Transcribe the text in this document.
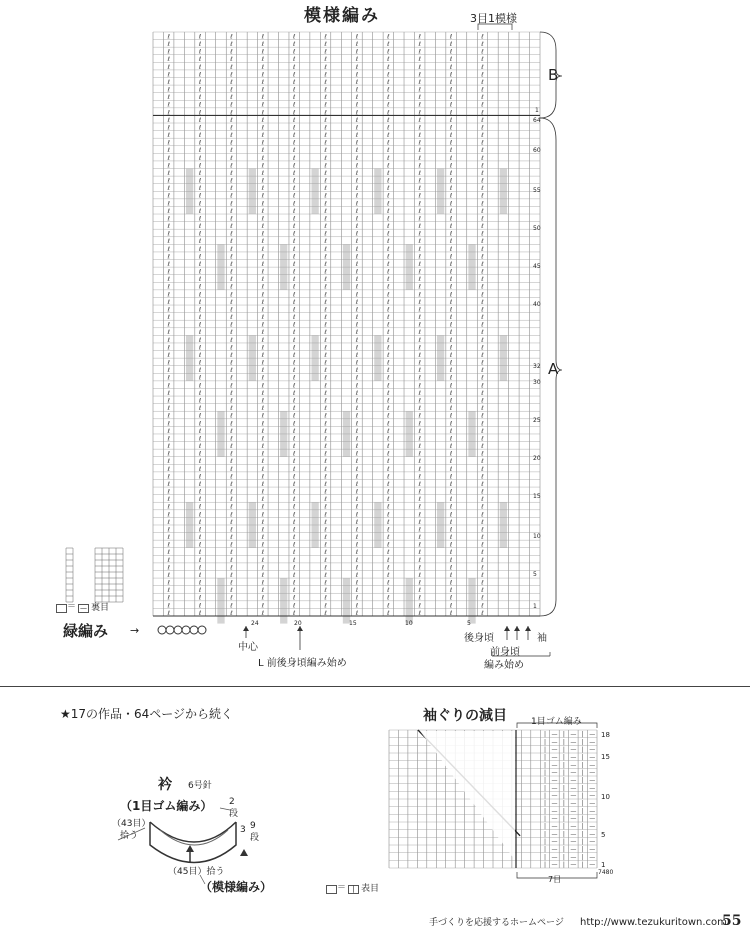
模様編み	3目1模様
ℓ
ℓ
ℓ
ℓ
ℓ
ℓ
ℓ
ℓ
ℓ
ℓ
ℓ
ℓ
ℓ
ℓ
ℓ
ℓ
ℓ
ℓ
ℓ
ℓ
ℓ
ℓ
ℓ
ℓ
ℓ
ℓ
ℓ
ℓ
ℓ
ℓ
ℓ
ℓ
ℓ
ℓ
ℓ
ℓ
ℓ
ℓ
ℓ
ℓ
ℓ
ℓ
ℓ
ℓ
ℓ
ℓ
ℓ
ℓ
ℓ
ℓ
ℓ
ℓ
ℓ
ℓ
ℓ
ℓ
ℓ
ℓ
ℓ
ℓ
ℓ
ℓ
ℓ
ℓ
ℓ
ℓ
ℓ
ℓ
ℓ
ℓ
ℓ
ℓ
ℓ
ℓ
ℓ
ℓ
ℓ
ℓ
ℓ
ℓ
ℓ
ℓ
ℓ
ℓ
ℓ
ℓ
ℓ
ℓ
ℓ
ℓ
ℓ
ℓ
ℓ
ℓ
ℓ
ℓ
ℓ
ℓ
ℓ
ℓ
ℓ
ℓ
ℓ
ℓ
ℓ
ℓ
ℓ
ℓ
ℓ
ℓ
ℓ
ℓ
ℓ
ℓ
ℓ
ℓ
ℓ
ℓ
ℓ
ℓ
ℓ
ℓ
ℓ
ℓ
ℓ
ℓ
ℓ
ℓ
ℓ
ℓ
ℓ
ℓ
ℓ
ℓ
ℓ
ℓ
ℓ
ℓ
ℓ
ℓ
ℓ
ℓ
ℓ
ℓ
ℓ
ℓ
ℓ
ℓ
ℓ
ℓ
ℓ
ℓ
ℓ
ℓ
ℓ
ℓ
ℓ
ℓ
ℓ
ℓ
ℓ
ℓ
ℓ
ℓ
ℓ
ℓ
ℓ
ℓ
ℓ
ℓ
ℓ
ℓ
ℓ
ℓ
ℓ
ℓ
ℓ
ℓ
ℓ
ℓ
ℓ
ℓ
ℓ
ℓ
ℓ
ℓ
ℓ
ℓ
ℓ
ℓ
ℓ
ℓ
ℓ
ℓ
ℓ
ℓ
ℓ
ℓ
ℓ
ℓ
ℓ
ℓ
ℓ
ℓ
ℓ
ℓ
ℓ
ℓ
ℓ
ℓ
ℓ
ℓ
ℓ
ℓ
ℓ
ℓ
ℓ
ℓ
ℓ
ℓ
ℓ
ℓ
ℓ
ℓ
ℓ
ℓ
ℓ
ℓ
ℓ
ℓ
ℓ
ℓ
ℓ
ℓ
ℓ
ℓ
ℓ
ℓ
ℓ
ℓ
ℓ
ℓ
ℓ
ℓ
ℓ
ℓ
ℓ
ℓ
ℓ
ℓ
ℓ
ℓ
ℓ
ℓ
ℓ
ℓ
ℓ
ℓ
ℓ
ℓ
ℓ
ℓ
ℓ
ℓ
ℓ
ℓ
ℓ
ℓ
ℓ
ℓ
ℓ
ℓ
ℓ
ℓ
ℓ
ℓ
ℓ
ℓ
ℓ
ℓ
ℓ
ℓ
ℓ
ℓ
ℓ
ℓ
ℓ
ℓ
ℓ
ℓ
ℓ
ℓ
ℓ
ℓ
ℓ
ℓ
ℓ
ℓ
ℓ
ℓ
ℓ
ℓ
ℓ
ℓ
ℓ
ℓ
ℓ
ℓ
ℓ
ℓ
ℓ
ℓ
ℓ
ℓ
ℓ
ℓ
ℓ
ℓ
ℓ
ℓ
ℓ
ℓ
ℓ
ℓ
ℓ
ℓ
ℓ
ℓ
ℓ
ℓ
ℓ
ℓ
ℓ
ℓ
ℓ
ℓ
ℓ
ℓ
ℓ
ℓ
ℓ
ℓ
ℓ
ℓ
ℓ
ℓ
ℓ
ℓ
ℓ
ℓ
ℓ
ℓ
ℓ
ℓ
ℓ
ℓ
ℓ
ℓ
ℓ
ℓ
ℓ
ℓ
ℓ
ℓ
ℓ
ℓ
ℓ
ℓ
ℓ
ℓ
ℓ
ℓ
ℓ
ℓ
ℓ
ℓ
ℓ
ℓ
ℓ
ℓ
ℓ
ℓ
ℓ
ℓ
ℓ
ℓ
ℓ
ℓ
ℓ
ℓ
ℓ
ℓ
ℓ
ℓ
ℓ
ℓ
ℓ
ℓ
ℓ
ℓ
ℓ
ℓ
ℓ
ℓ
ℓ
ℓ
ℓ
ℓ
ℓ
ℓ
ℓ
ℓ
ℓ
ℓ
ℓ
ℓ
ℓ
ℓ
ℓ
ℓ
ℓ
ℓ
ℓ
ℓ
ℓ
ℓ
ℓ
ℓ
ℓ
ℓ
ℓ
ℓ
ℓ
ℓ
ℓ
ℓ
ℓ
ℓ
ℓ
ℓ
ℓ
ℓ
ℓ
ℓ
ℓ
ℓ
ℓ
ℓ
ℓ
ℓ
ℓ
ℓ
ℓ
ℓ
ℓ
ℓ
ℓ
ℓ
ℓ
ℓ
ℓ
ℓ
ℓ
ℓ
ℓ
ℓ
ℓ
ℓ
ℓ
ℓ
ℓ
ℓ
ℓ
ℓ
ℓ
ℓ
ℓ
ℓ
ℓ
ℓ
ℓ
ℓ
ℓ
ℓ
ℓ
ℓ
ℓ
ℓ
ℓ
ℓ
ℓ
ℓ
ℓ
ℓ
ℓ
ℓ
ℓ
ℓ
ℓ
ℓ
ℓ
ℓ
ℓ
ℓ
ℓ
ℓ
ℓ
ℓ
ℓ
ℓ
ℓ
ℓ
ℓ
ℓ
ℓ
ℓ
ℓ
ℓ
ℓ
ℓ
ℓ
ℓ
ℓ
ℓ
ℓ
ℓ
ℓ
ℓ
ℓ
ℓ
ℓ
ℓ
ℓ
ℓ
ℓ
ℓ
ℓ
ℓ
ℓ
ℓ
ℓ
ℓ
ℓ
ℓ
ℓ
ℓ
ℓ
ℓ
ℓ
ℓ
ℓ
ℓ
ℓ
ℓ
ℓ
ℓ
ℓ
ℓ
ℓ
ℓ
ℓ
ℓ
ℓ
ℓ
ℓ
ℓ
ℓ
ℓ
ℓ
ℓ
ℓ
ℓ
ℓ
ℓ
ℓ
ℓ
ℓ
ℓ
ℓ
ℓ
ℓ
ℓ
ℓ
ℓ
ℓ
ℓ
ℓ
ℓ
ℓ
ℓ
ℓ
ℓ
ℓ
ℓ
ℓ
ℓ
ℓ
ℓ
ℓ
ℓ
ℓ
ℓ
ℓ
ℓ
ℓ
ℓ
ℓ
ℓ
ℓ
ℓ
ℓ
ℓ
ℓ
ℓ
ℓ
ℓ
ℓ
ℓ
ℓ
ℓ
ℓ
ℓ
ℓ
ℓ
ℓ
ℓ
ℓ
ℓ
ℓ
ℓ
ℓ
ℓ
ℓ
ℓ
ℓ
ℓ
ℓ
ℓ
ℓ
ℓ
ℓ
ℓ
ℓ
ℓ
ℓ
ℓ
ℓ
ℓ
ℓ
ℓ
ℓ
ℓ
ℓ
ℓ
ℓ
ℓ
ℓ
ℓ
ℓ
ℓ
ℓ
ℓ
ℓ
ℓ
ℓ
ℓ
ℓ
ℓ
ℓ
ℓ
ℓ
ℓ
ℓ
ℓ
ℓ
ℓ
ℓ
ℓ
ℓ
ℓ
ℓ
ℓ
ℓ
ℓ
ℓ
ℓ
ℓ
ℓ
ℓ
ℓ
ℓ
ℓ
ℓ
ℓ
ℓ
ℓ
ℓ
ℓ
ℓ
ℓ
ℓ
ℓ
ℓ
ℓ
ℓ
ℓ
ℓ
ℓ
ℓ
ℓ
ℓ
ℓ
ℓ
ℓ
ℓ
ℓ
ℓ
ℓ
ℓ
ℓ
ℓ
ℓ
ℓ
ℓ
ℓ
ℓ
ℓ
ℓ
ℓ
ℓ
ℓ
ℓ
ℓ
ℓ
ℓ
ℓ
ℓ
ℓ
ℓ
ℓ
ℓ
ℓ
ℓ
ℓ
ℓ
ℓ
ℓ
ℓ
ℓ
ℓ
ℓ
ℓ
ℓ
ℓ
ℓ
ℓ
ℓ
ℓ
ℓ
ℓ
ℓ
ℓ
ℓ
ℓ
ℓ
ℓ
ℓ
ℓ
ℓ
ℓ
ℓ
ℓ
ℓ
ℓ
ℓ
ℓ
ℓ
ℓ
ℓ
ℓ
ℓ
ℓ
ℓ
ℓ
ℓ
ℓ
ℓ
ℓ
ℓ
ℓ
ℓ
ℓ
ℓ
ℓ
ℓ
ℓ
ℓ
ℓ
ℓ
ℓ
ℓ
ℓ
ℓ
ℓ
ℓ
ℓ
ℓ
ℓ
ℓ
ℓ
ℓ
ℓ
ℓ
ℓ
ℓ
ℓ
ℓ
ℓ
ℓ
ℓ
ℓ
ℓ
ℓ
ℓ
ℓ
ℓ
ℓ
ℓ
ℓ
ℓ
ℓ
ℓ
ℓ
ℓ
ℓ
ℓ
ℓ
ℓ
ℓ
ℓ
ℓ
ℓ
ℓ
ℓ
ℓ
ℓ
ℓ
B
A
1
64
60
55
50
45
40
32
30
25
20
15
10
5
1
24	20	15	10	5
＝ — 裏目
緑編み →
中心
L 前後身頃編み始め
後身頃
前身頃
袖
編み始め
★17の作品・64ページから続く
衿 6号針
（1目ゴム編み） 2
段
3 9
段
（43目）
拾う
（45目）拾う
（模様編み）
袖ぐりの減目	1目ゴム編み
|
|
|
|
|
|
|
|
|
|
|
|
|
|
|
|
|
|
—
—
—
—
—
—
—
—
—
—
—
—
—
—
—
—
—
—
|
|
|
|
|
|
|
|
|
|
|
|
|
|
|
|
|
|
—
—
—
—
—
—
—
—
—
—
—
—
—
—
—
—
—
—
|
|
|
|
|
|
|
|
|
|
|
|
|
|
|
|
|
|
—
—
—
—
—
—
—
—
—
—
—
—
—
—
—
—
—
—
18
15
10
5
1
7目
7480
＝ | 表目
手づくりを応援するホームページ http://www.tezukuritown.com
55
